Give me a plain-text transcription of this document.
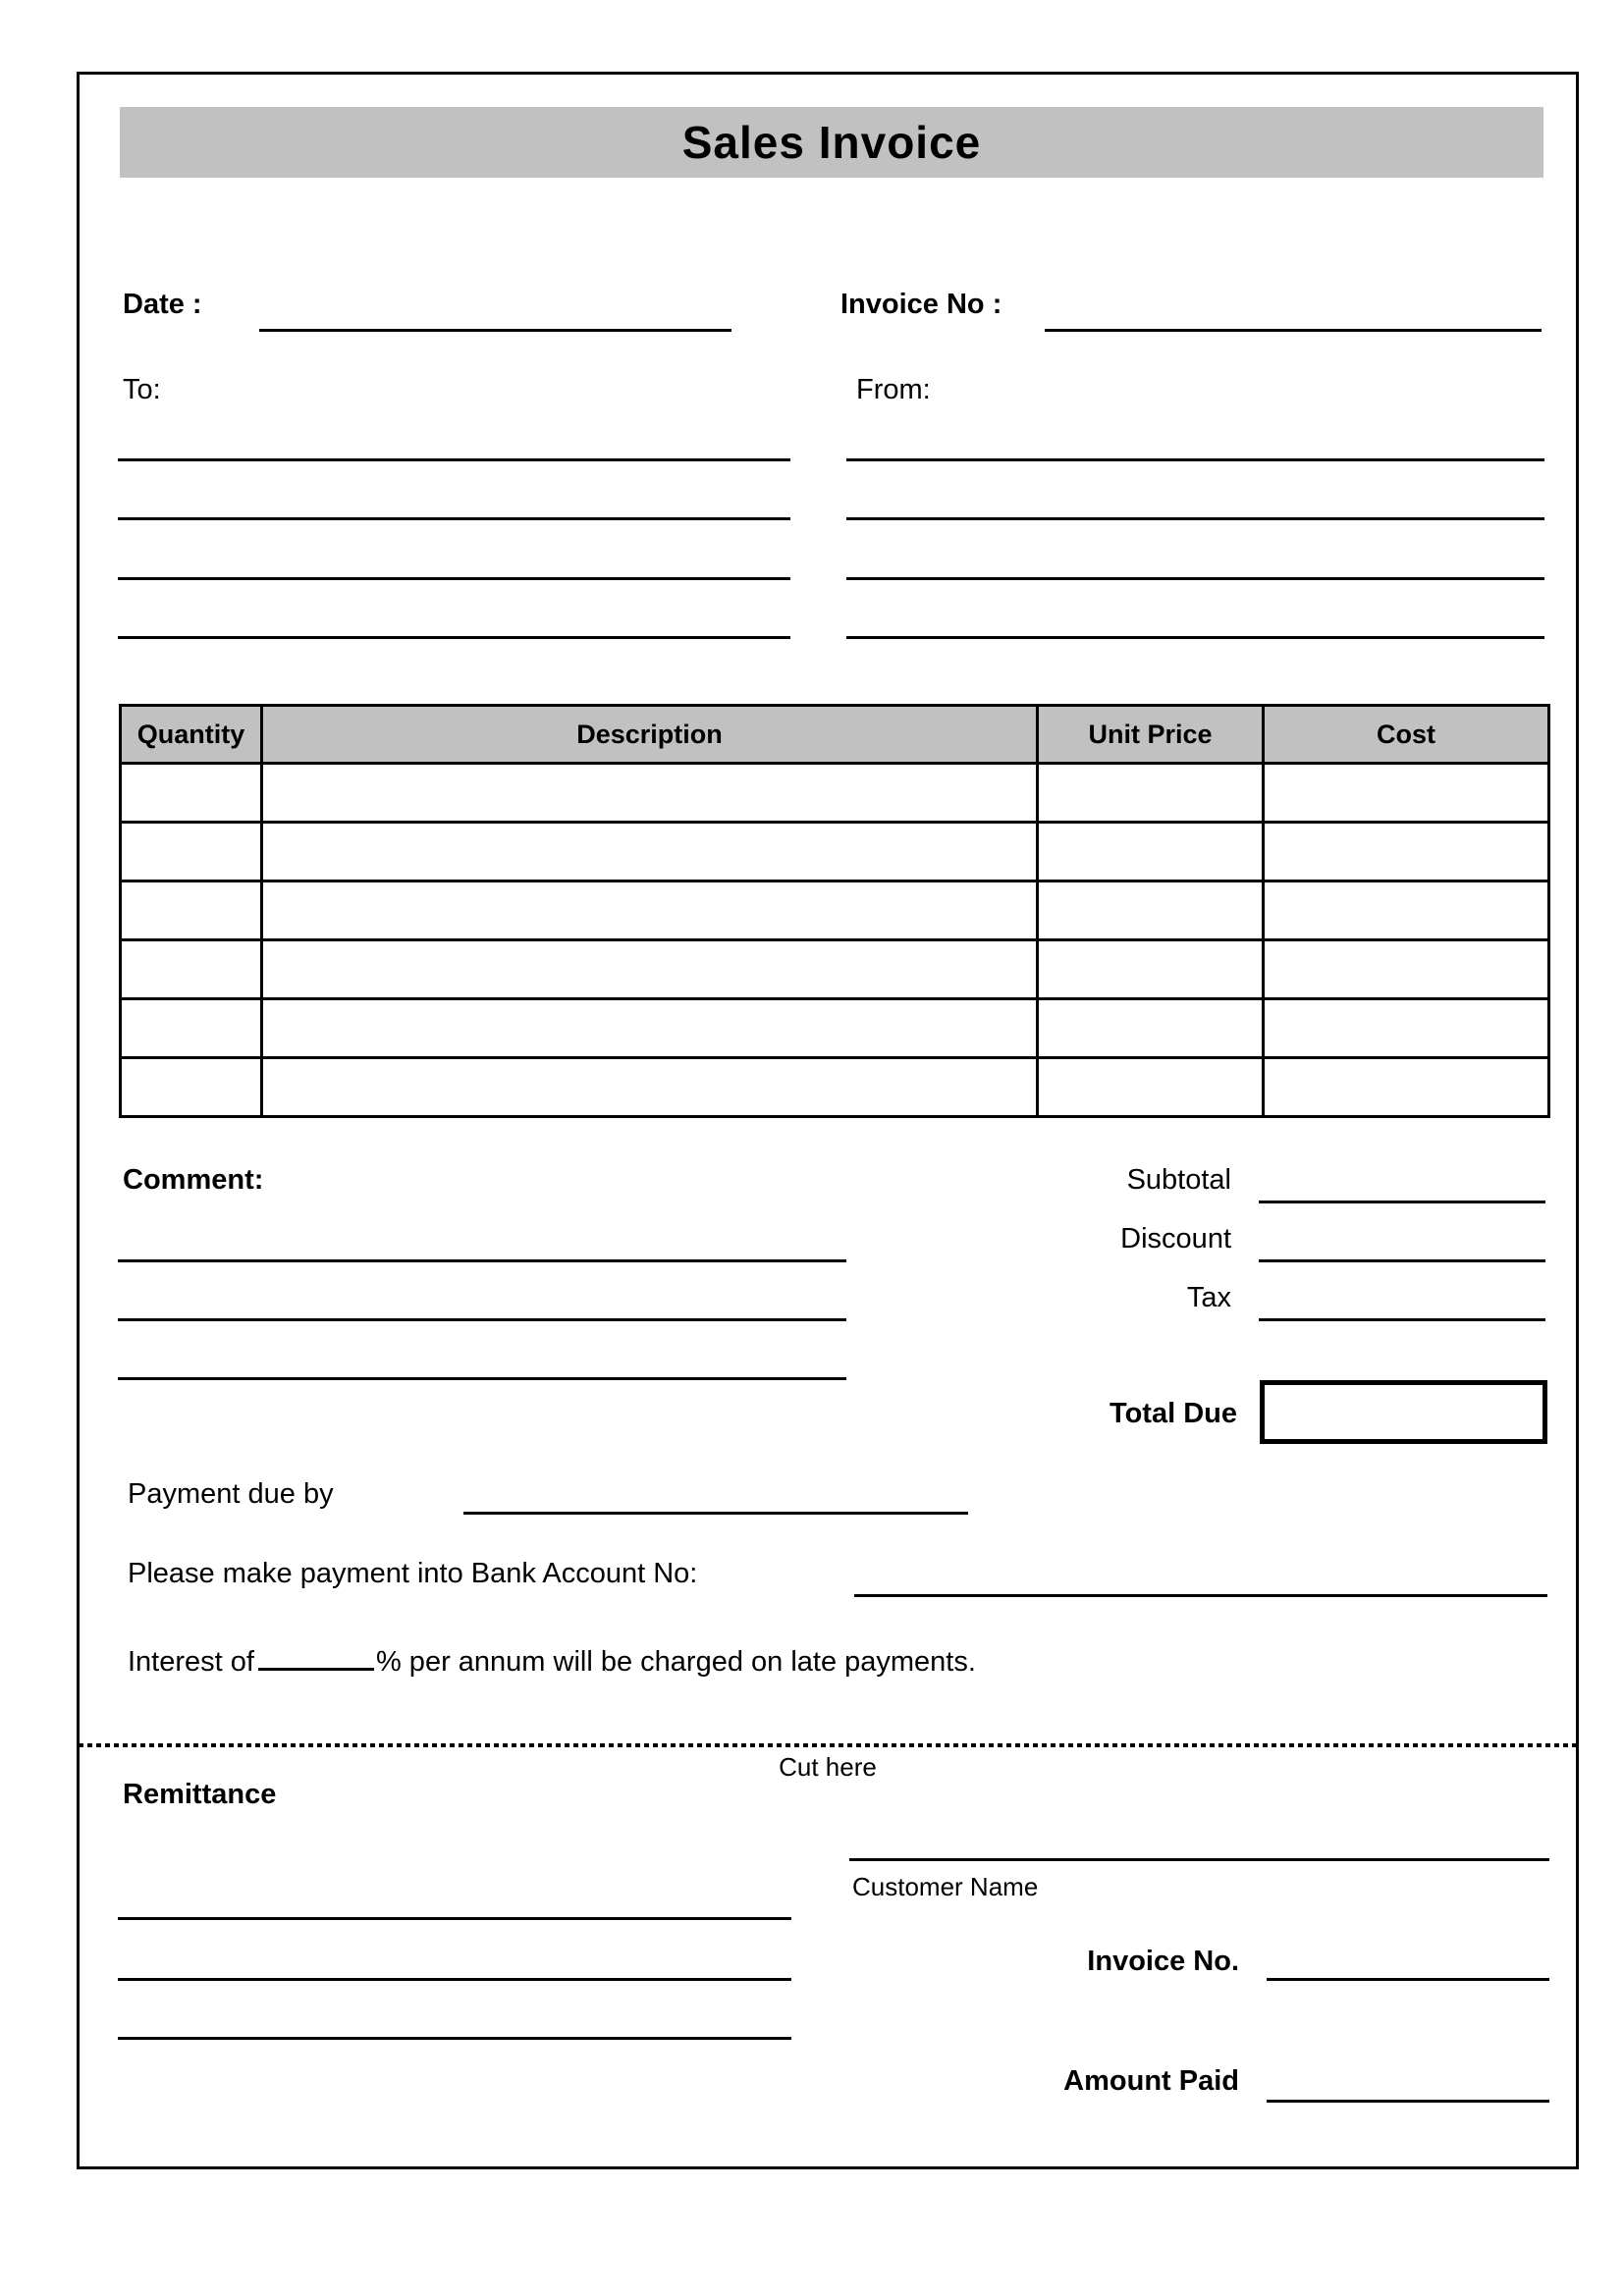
Sales Invoice
Date :	Invoice No :
To:	From:
Quantity	Description	Unit Price	Cost

Comment:	Subtotal
Discount
Tax
Total Due
Payment due by
Please make payment into Bank Account No:
Interest of	% per annum will be charged on late payments.
Cut here
Remittance
Customer Name
Invoice No.
Amount Paid
